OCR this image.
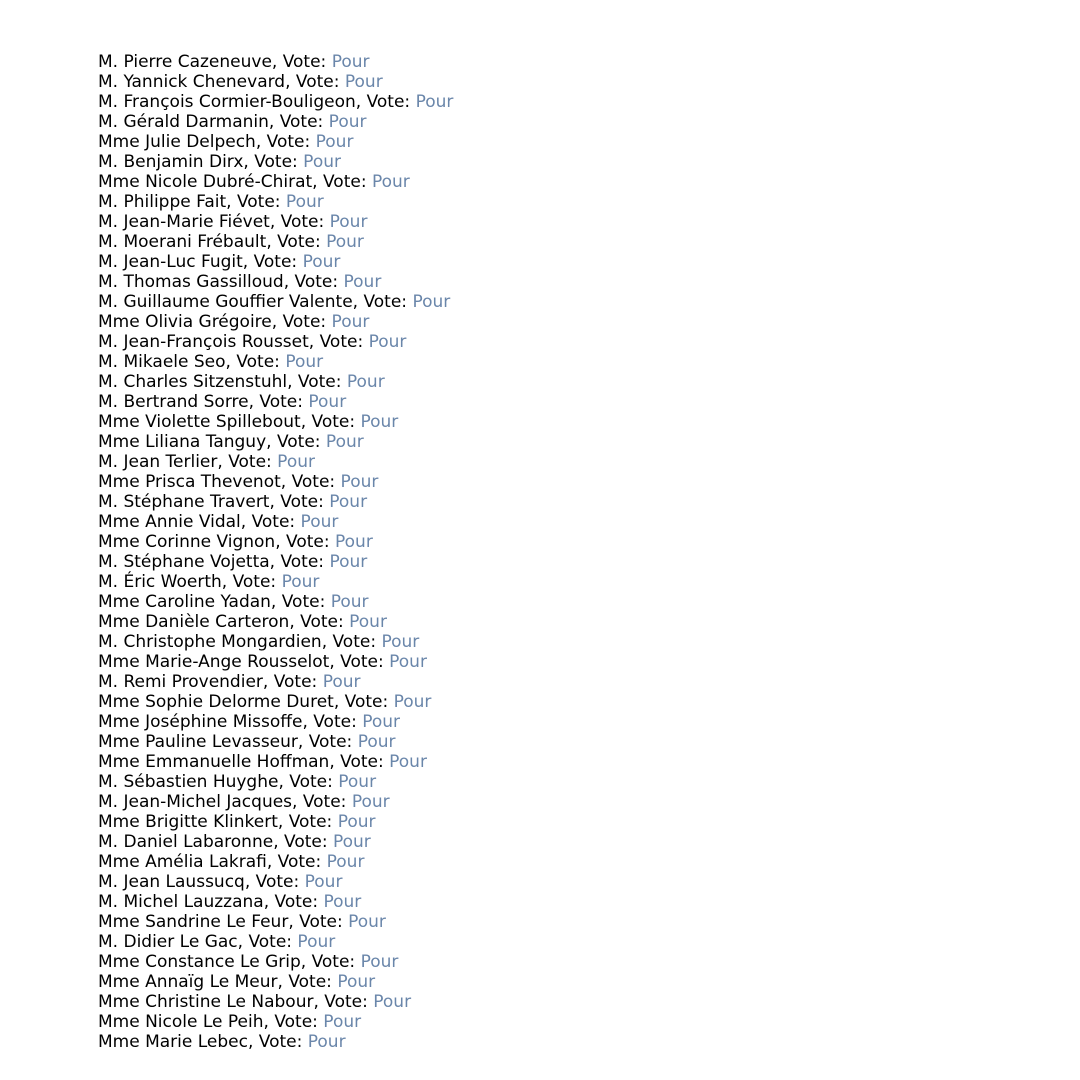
M. Pierre Cazeneuve, Vote: Pour
M. Yannick Chenevard, Vote: Pour
M. François Cormier-Bouligeon, Vote: Pour
M. Gérald Darmanin, Vote: Pour
Mme Julie Delpech, Vote: Pour
M. Benjamin Dirx, Vote: Pour
Mme Nicole Dubré-Chirat, Vote: Pour
M. Philippe Fait, Vote: Pour
M. Jean-Marie Fiévet, Vote: Pour
M. Moerani Frébault, Vote: Pour
M. Jean-Luc Fugit, Vote: Pour
M. Thomas Gassilloud, Vote: Pour
M. Guillaume Gouffier Valente, Vote: Pour
Mme Olivia Grégoire, Vote: Pour
M. Jean-François Rousset, Vote: Pour
M. Mikaele Seo, Vote: Pour
M. Charles Sitzenstuhl, Vote: Pour
M. Bertrand Sorre, Vote: Pour
Mme Violette Spillebout, Vote: Pour
Mme Liliana Tanguy, Vote: Pour
M. Jean Terlier, Vote: Pour
Mme Prisca Thevenot, Vote: Pour
M. Stéphane Travert, Vote: Pour
Mme Annie Vidal, Vote: Pour
Mme Corinne Vignon, Vote: Pour
M. Stéphane Vojetta, Vote: Pour
M. Éric Woerth, Vote: Pour
Mme Caroline Yadan, Vote: Pour
Mme Danièle Carteron, Vote: Pour
M. Christophe Mongardien, Vote: Pour
Mme Marie-Ange Rousselot, Vote: Pour
M. Remi Provendier, Vote: Pour
Mme Sophie Delorme Duret, Vote: Pour
Mme Joséphine Missoffe, Vote: Pour
Mme Pauline Levasseur, Vote: Pour
Mme Emmanuelle Hoffman, Vote: Pour
M. Sébastien Huyghe, Vote: Pour
M. Jean-Michel Jacques, Vote: Pour
Mme Brigitte Klinkert, Vote: Pour
M. Daniel Labaronne, Vote: Pour
Mme Amélia Lakrafi, Vote: Pour
M. Jean Laussucq, Vote: Pour
M. Michel Lauzzana, Vote: Pour
Mme Sandrine Le Feur, Vote: Pour
M. Didier Le Gac, Vote: Pour
Mme Constance Le Grip, Vote: Pour
Mme Annaïg Le Meur, Vote: Pour
Mme Christine Le Nabour, Vote: Pour
Mme Nicole Le Peih, Vote: Pour
Mme Marie Lebec, Vote: Pour
